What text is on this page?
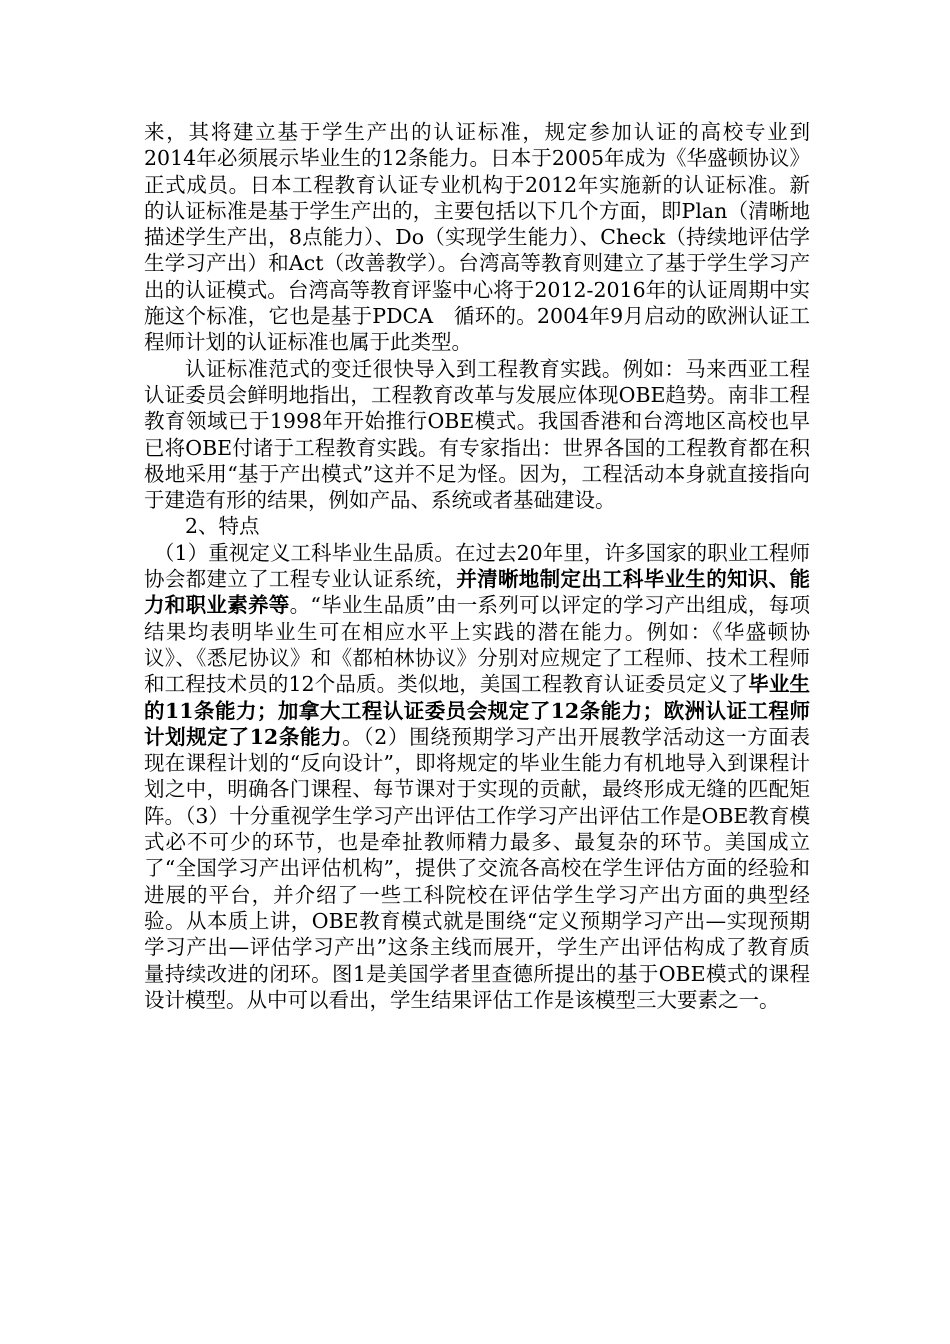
来，其将建立基于学生产出的认证标准，规定参加认证的高校专业到2014年必须展示毕业生的12条能力。日本于2005年成为《华盛顿协议》正式成员。日本工程教育认证专业机构于2012年实施新的认证标准。新的认证标准是基于学生产出的，主要包括以下几个方面，即Plan（清晰地描述学生产出，8点能力）、Do（实现学生能力）、Check（持续地评估学生学习产出）和Act（改善教学）。台湾高等教育则建立了基于学生学习产出的认证模式。台湾高等教育评鉴中心将于2012-2016年的认证周期中实施这个标准，它也是基于PDCA　循环的。2004年9月启动的欧洲认证工程师计划的认证标准也属于此类型。

认证标准范式的变迁很快导入到工程教育实践。例如：马来西亚工程认证委员会鲜明地指出，工程教育改革与发展应体现OBE趋势。南非工程教育领域已于1998年开始推行OBE模式。我国香港和台湾地区高校也早已将OBE付诸于工程教育实践。有专家指出：世界各国的工程教育都在积极地采用“基于产出模式”这并不足为怪。因为，工程活动本身就直接指向于建造有形的结果，例如产品、系统或者基础建设。

2、特点

（1）重视定义工科毕业生品质。在过去20年里，许多国家的职业工程师协会都建立了工程专业认证系统，并清晰地制定出工科毕业生的知识、能力和职业素养等。“毕业生品质”由一系列可以评定的学习产出组成，每项结果均表明毕业生可在相应水平上实践的潜在能力。例如：《华盛顿协议》、《悉尼协议》和《都柏林协议》分别对应规定了工程师、技术工程师和工程技术员的12个品质。类似地，美国工程教育认证委员定义了毕业生的11条能力；加拿大工程认证委员会规定了12条能力；欧洲认证工程师计划规定了12条能力。（2）围绕预期学习产出开展教学活动这一方面表现在课程计划的“反向设计”，即将规定的毕业生能力有机地导入到课程计划之中，明确各门课程、每节课对于实现的贡献，最终形成无缝的匹配矩阵。（3）十分重视学生学习产出评估工作学习产出评估工作是OBE教育模式必不可少的环节，也是牵扯教师精力最多、最复杂的环节。美国成立了“全国学习产出评估机构”，提供了交流各高校在学生评估方面的经验和进展的平台，并介绍了一些工科院校在评估学生学习产出方面的典型经验。从本质上讲，OBE教育模式就是围绕“定义预期学习产出—实现预期学习产出—评估学习产出”这条主线而展开，学生产出评估构成了教育质量持续改进的闭环。图1是美国学者里查德所提出的基于OBE模式的课程设计模型。从中可以看出，学生结果评估工作是该模型三大要素之一。
